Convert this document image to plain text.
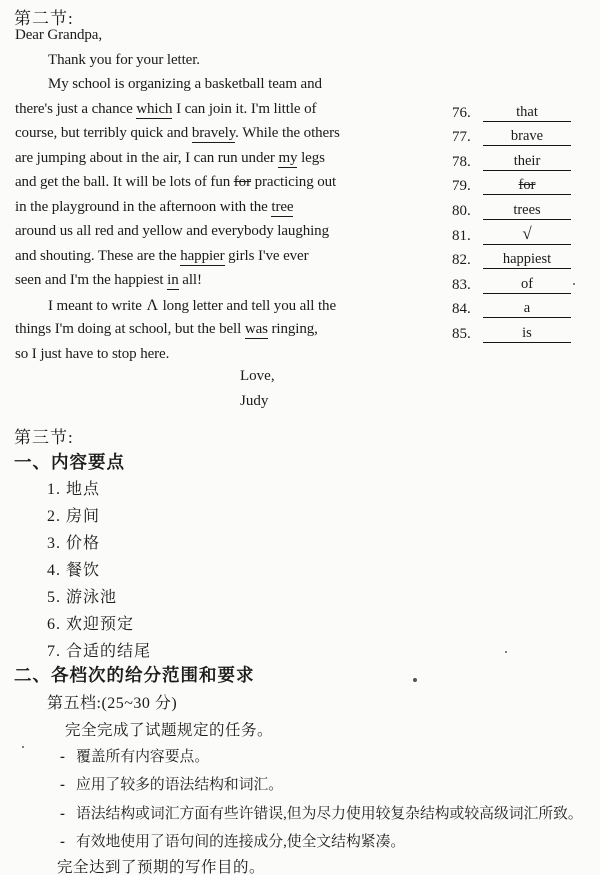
第二节:
Dear Grandpa,
Thank you for your letter.
My school is organizing a basketball team and
there's just a chance which I can join it. I'm little of
course, but terribly quick and bravely. While the others
are jumping about in the air, I can run under my legs
and get the ball. It will be lots of fun for practicing out
in the playground in the afternoon with the tree
around us all red and yellow and everybody laughing
and shouting. These are the happier girls I've ever
seen and I'm the happiest in all!
I meant to write Λ long letter and tell you all the
things I'm doing at school, but the bell was ringing,
so I just have to stop here.
Love,
Judy
76.	that
77.	brave
78.	their
79.	for
80.	trees
81.	√
82.	happiest
83.	of
84.	a
85.	is
第三节:
一、内容要点
1. 地点
2. 房间
3. 价格
4. 餐饮
5. 游泳池
6. 欢迎预定
7. 合适的结尾
二、各档次的给分范围和要求
第五档:(25~30 分)
完全完成了试题规定的任务。
- 覆盖所有内容要点。
- 应用了较多的语法结构和词汇。
- 语法结构或词汇方面有些许错误,但为尽力使用较复杂结构或较高级词汇所致。
- 有效地使用了语句间的连接成分,使全文结构紧凑。
完全达到了预期的写作目的。
